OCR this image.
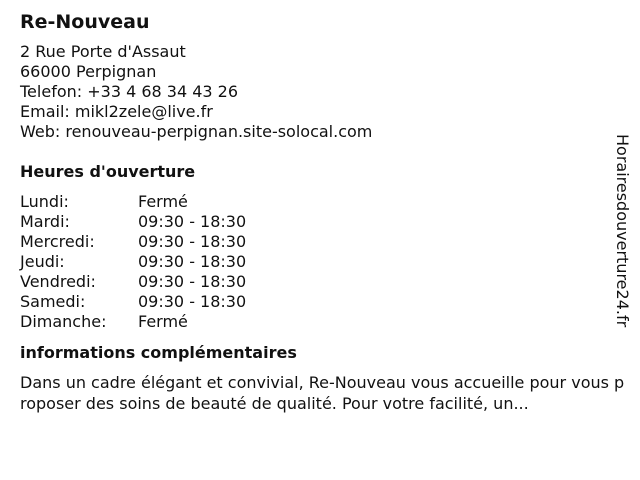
Re-Nouveau
2 Rue Porte d'Assaut
66000 Perpignan
Telefon: +33 4 68 34 43 26
Email: mikl2zele@live.fr
Web: renouveau-perpignan.site-solocal.com
Heures d'ouverture
Lundi:	Fermé
Mardi:	09:30 - 18:30
Mercredi:	09:30 - 18:30
Jeudi:	09:30 - 18:30
Vendredi:	09:30 - 18:30
Samedi:	09:30 - 18:30
Dimanche:	Fermé
informations complémentaires
Dans un cadre élégant et convivial, Re-Nouveau vous accueille pour vous proposer des soins de beauté de qualité. Pour votre facilité, un...
Horairesdouverture24.fr
